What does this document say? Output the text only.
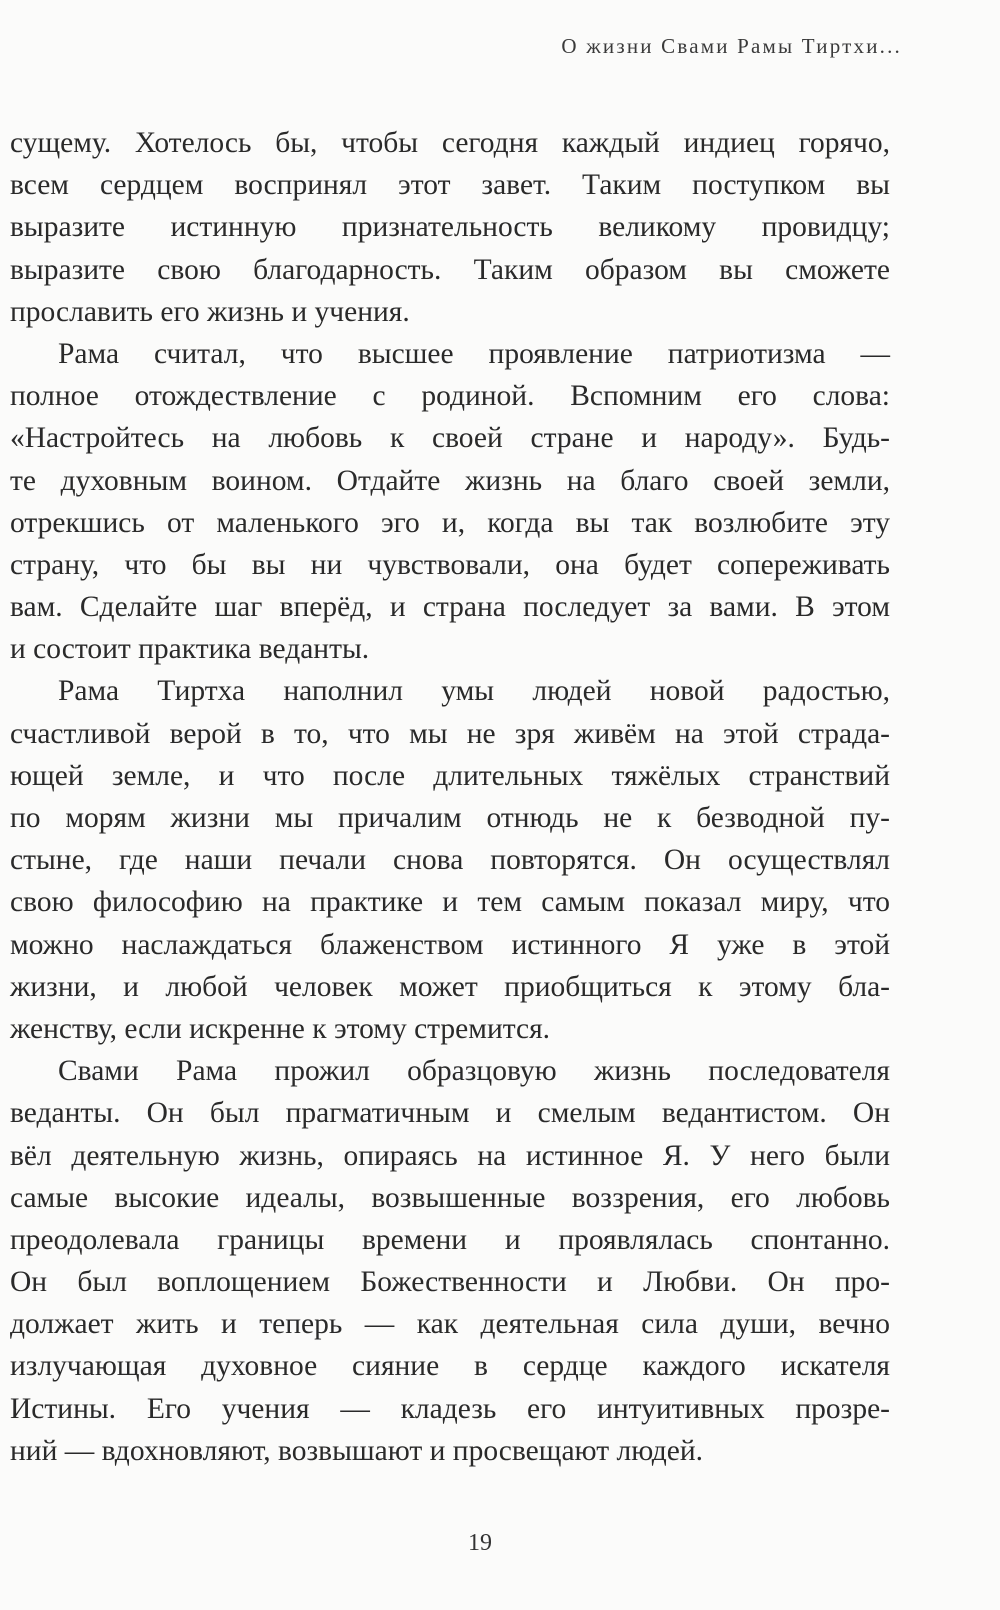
О жизни Свами Рамы Тиртхи...
сущему. Хотелось бы, чтобы сегодня каждый индиец горячо,
всем сердцем воспринял этот завет. Таким поступком вы
выразите истинную признательность великому провидцу;
выразите свою благодарность. Таким образом вы сможете
прославить его жизнь и учения.
Рама считал, что высшее проявление патриотизма —
полное отождествление с родиной. Вспомним его слова:
«Настройтесь на любовь к своей стране и народу». Будь-
те духовным воином. Отдайте жизнь на благо своей земли,
отрекшись от маленького эго и, когда вы так возлюбите эту
страну, что бы вы ни чувствовали, она будет сопереживать
вам. Сделайте шаг вперёд, и страна последует за вами. В этом
и состоит практика веданты.
Рама Тиртха наполнил умы людей новой радостью,
счастливой верой в то, что мы не зря живём на этой страда-
ющей земле, и что после длительных тяжёлых странствий
по морям жизни мы причалим отнюдь не к безводной пу-
стыне, где наши печали снова повторятся. Он осуществлял
свою философию на практике и тем самым показал миру, что
можно наслаждаться блаженством истинного Я уже в этой
жизни, и любой человек может приобщиться к этому бла-
женству, если искренне к этому стремится.
Свами Рама прожил образцовую жизнь последователя
веданты. Он был прагматичным и смелым ведантистом. Он
вёл деятельную жизнь, опираясь на истинное Я. У него были
самые высокие идеалы, возвышенные воззрения, его любовь
преодолевала границы времени и проявлялась спонтанно.
Он был воплощением Божественности и Любви. Он про-
должает жить и теперь — как деятельная сила души, вечно
излучающая духовное сияние в сердце каждого искателя
Истины. Его учения — кладезь его интуитивных прозре-
ний — вдохновляют, возвышают и просвещают людей.
19
